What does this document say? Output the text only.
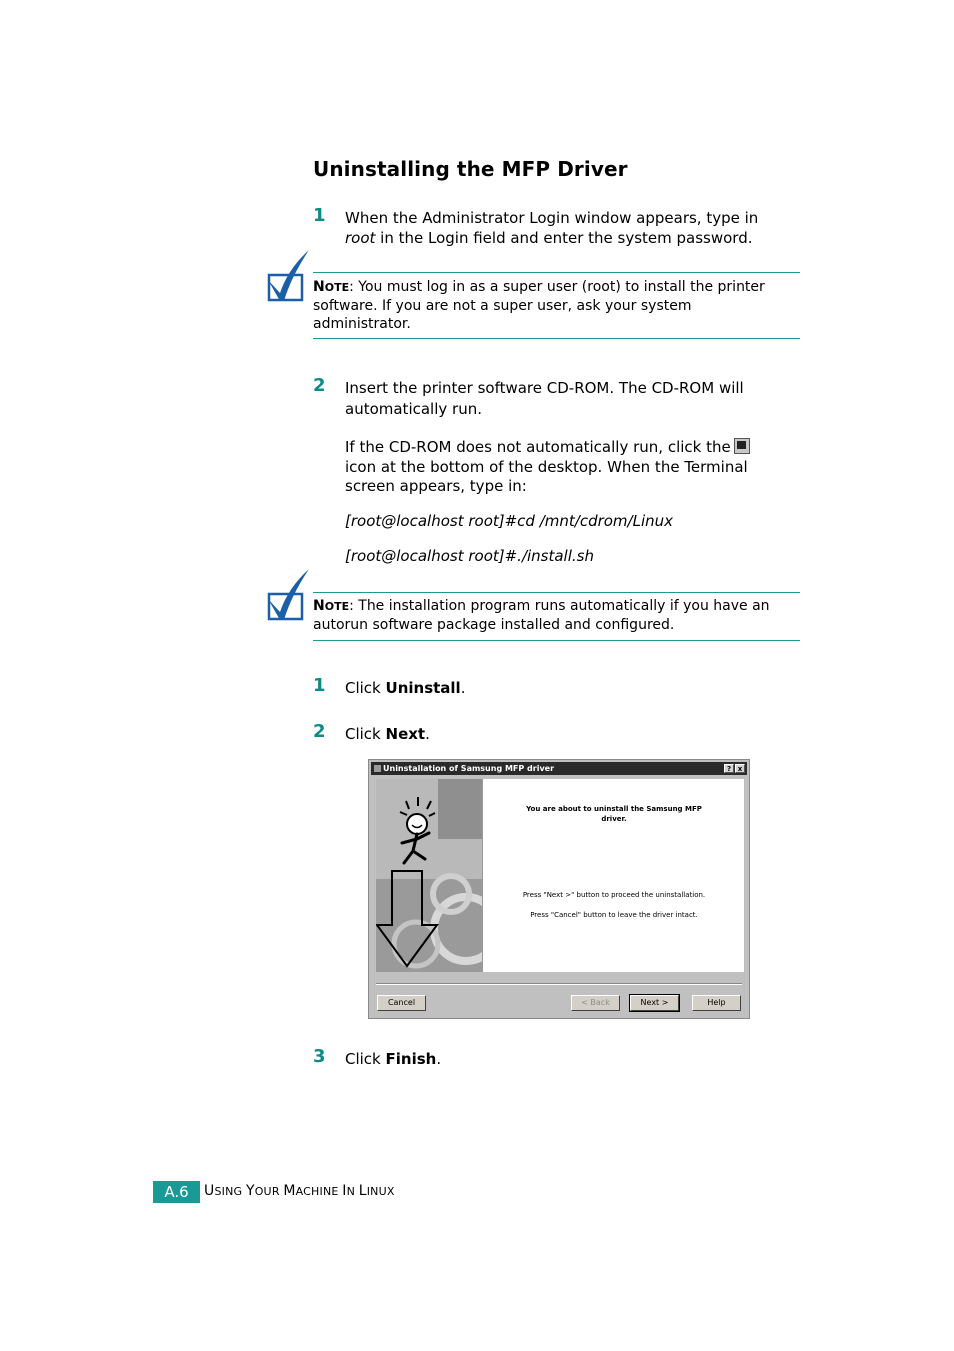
Uninstalling the MFP Driver
1 When the Administrator Login window appears, type in
root in the Login field and enter the system password.
NOTE: You must log in as a super user (root) to install the printer
software. If you are not a super user, ask your system
administrator.
2 Insert the printer software CD-ROM. The CD-ROM will
automatically run.
If the CD-ROM does not automatically run, click the
icon at the bottom of the desktop. When the Terminal
screen appears, type in:
[root@localhost root]#cd /mnt/cdrom/Linux
[root@localhost root]#./install.sh
NOTE: The installation program runs automatically if you have an
autorun software package installed and configured.
1 Click Uninstall.
2 Click Next.
Uninstallation of Samsung MFP driver	? x
You are about to uninstall the Samsung MFP
driver.
Press "Next >" button to proceed the uninstallation.
Press "Cancel" button to leave the driver intact.
Cancel	< Back	Next >	Help
3 Click Finish.
A.6	USING YOUR MACHINE IN LINUX
